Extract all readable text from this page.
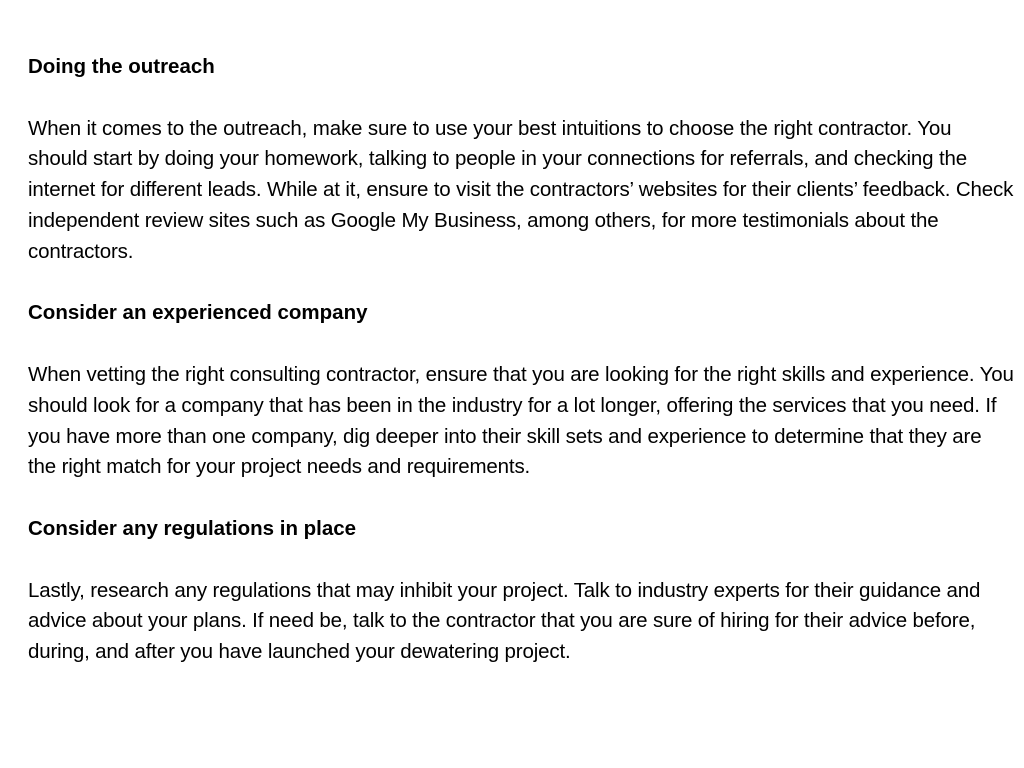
Doing the outreach

When it comes to the outreach, make sure to use your best intuitions to choose the right contractor. You should start by doing your homework, talking to people in your connections for referrals, and checking the internet for different leads. While at it, ensure to visit the contractors’ websites for their clients’ feedback. Check independent review sites such as Google My Business, among others, for more testimonials about the contractors.

Consider an experienced company

When vetting the right consulting contractor, ensure that you are looking for the right skills and experience. You should look for a company that has been in the industry for a lot longer, offering the services that you need. If you have more than one company, dig deeper into their skill sets and experience to determine that they are the right match for your project needs and requirements.

Consider any regulations in place

Lastly, research any regulations that may inhibit your project. Talk to industry experts for their guidance and advice about your plans. If need be, talk to the contractor that you are sure of hiring for their advice before, during, and after you have launched your dewatering project.
